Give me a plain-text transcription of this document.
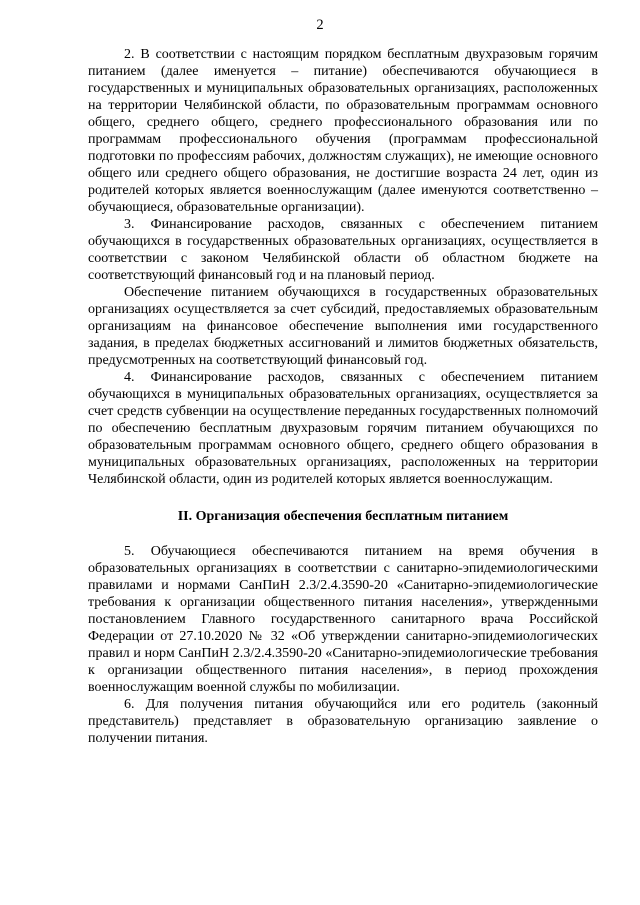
2

2. В соответствии с настоящим порядком бесплатным двухразовым горячим питанием (далее именуется – питание) обеспечиваются обучающиеся в государственных и муниципальных образовательных организациях, расположенных на территории Челябинской области, по образовательным программам основного общего, среднего общего, среднего профессионального образования или по программам профессионального обучения (программам профессиональной подготовки по профессиям рабочих, должностям служащих), не имеющие основного общего или среднего общего образования, не достигшие возраста 24 лет, один из родителей которых является военнослужащим (далее именуются соответственно – обучающиеся, образовательные организации).

3. Финансирование расходов, связанных с обеспечением питанием обучающихся в государственных образовательных организациях, осуществляется в соответствии с законом Челябинской области об областном бюджете на соответствующий финансовый год и на плановый период.

Обеспечение питанием обучающихся в государственных образовательных организациях осуществляется за счет субсидий, предоставляемых образовательным организациям на финансовое обеспечение выполнения ими государственного задания, в пределах бюджетных ассигнований и лимитов бюджетных обязательств, предусмотренных на соответствующий финансовый год.

4. Финансирование расходов, связанных с обеспечением питанием обучающихся в муниципальных образовательных организациях, осуществляется за счет средств субвенции на осуществление переданных государственных полномочий по обеспечению бесплатным двухразовым горячим питанием обучающихся по образовательным программам основного общего, среднего общего образования в муниципальных образовательных организациях, расположенных на территории Челябинской области, один из родителей которых является военнослужащим.

II. Организация обеспечения бесплатным питанием

5. Обучающиеся обеспечиваются питанием на время обучения в образовательных организациях в соответствии с санитарно-эпидемиологическими правилами и нормами СанПиН 2.3/2.4.3590-20 «Санитарно-эпидемиологические требования к организации общественного питания населения», утвержденными постановлением Главного государственного санитарного врача Российской Федерации от 27.10.2020 № 32 «Об утверждении санитарно-эпидемиологических правил и норм СанПиН 2.3/2.4.3590-20 «Санитарно-эпидемиологические требования к организации общественного питания населения», в период прохождения военнослужащим военной службы по мобилизации.

6. Для получения питания обучающийся или его родитель (законный представитель) представляет в образовательную организацию заявление о получении питания.
